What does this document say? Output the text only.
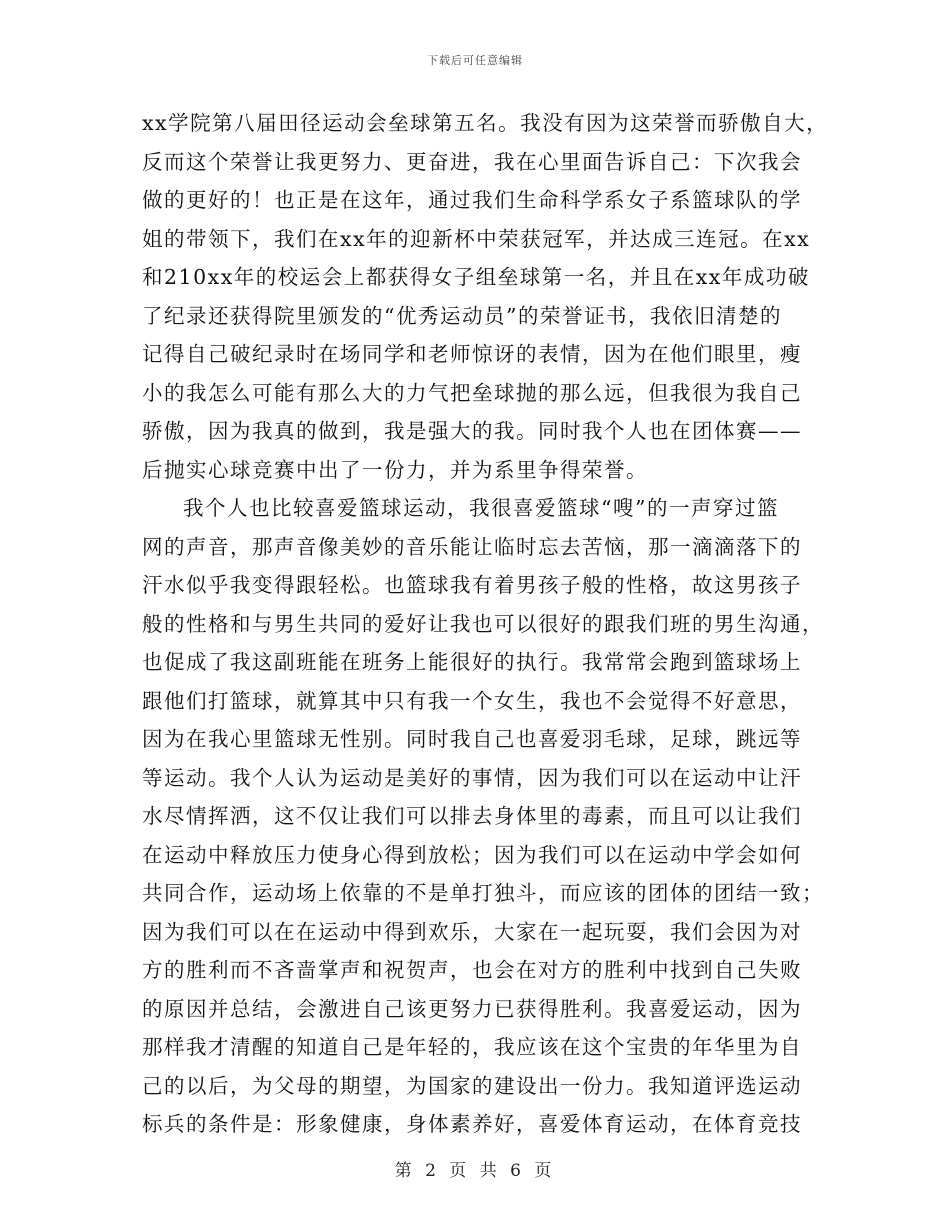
下载后可任意编辑
xx学院第八届田径运动会垒球第五名。我没有因为这荣誉而骄傲自大，
反而这个荣誉让我更努力、更奋进，我在心里面告诉自己：下次我会
做的更好的！也正是在这年，通过我们生命科学系女子系篮球队的学
姐的带领下，我们在xx年的迎新杯中荣获冠军，并达成三连冠。在xx
和210xx年的校运会上都获得女子组垒球第一名，并且在xx年成功破
了纪录还获得院里颁发的“优秀运动员”的荣誉证书，我依旧清楚的
记得自己破纪录时在场同学和老师惊讶的表情，因为在他们眼里，瘦
小的我怎么可能有那么大的力气把垒球抛的那么远，但我很为我自己
骄傲，因为我真的做到，我是强大的我。同时我个人也在团体赛——
后抛实心球竞赛中出了一份力，并为系里争得荣誉。
我个人也比较喜爱篮球运动，我很喜爱篮球“嗖”的一声穿过篮
网的声音，那声音像美妙的音乐能让临时忘去苦恼，那一滴滴落下的
汗水似乎我变得跟轻松。也篮球我有着男孩子般的性格，故这男孩子
般的性格和与男生共同的爱好让我也可以很好的跟我们班的男生沟通，
也促成了我这副班能在班务上能很好的执行。我常常会跑到篮球场上
跟他们打篮球，就算其中只有我一个女生，我也不会觉得不好意思，
因为在我心里篮球无性别。同时我自己也喜爱羽毛球，足球，跳远等
等运动。我个人认为运动是美好的事情，因为我们可以在运动中让汗
水尽情挥洒，这不仅让我们可以排去身体里的毒素，而且可以让我们
在运动中释放压力使身心得到放松；因为我们可以在运动中学会如何
共同合作，运动场上依靠的不是单打独斗，而应该的团体的团结一致；
因为我们可以在在运动中得到欢乐，大家在一起玩耍，我们会因为对
方的胜利而不吝啬掌声和祝贺声，也会在对方的胜利中找到自己失败
的原因并总结，会激进自己该更努力已获得胜利。我喜爱运动，因为
那样我才清醒的知道自己是年轻的，我应该在这个宝贵的年华里为自
己的以后，为父母的期望，为国家的建设出一份力。我知道评选运动
标兵的条件是：形象健康，身体素养好，喜爱体育运动，在体育竞技
第 2 页 共 6 页
